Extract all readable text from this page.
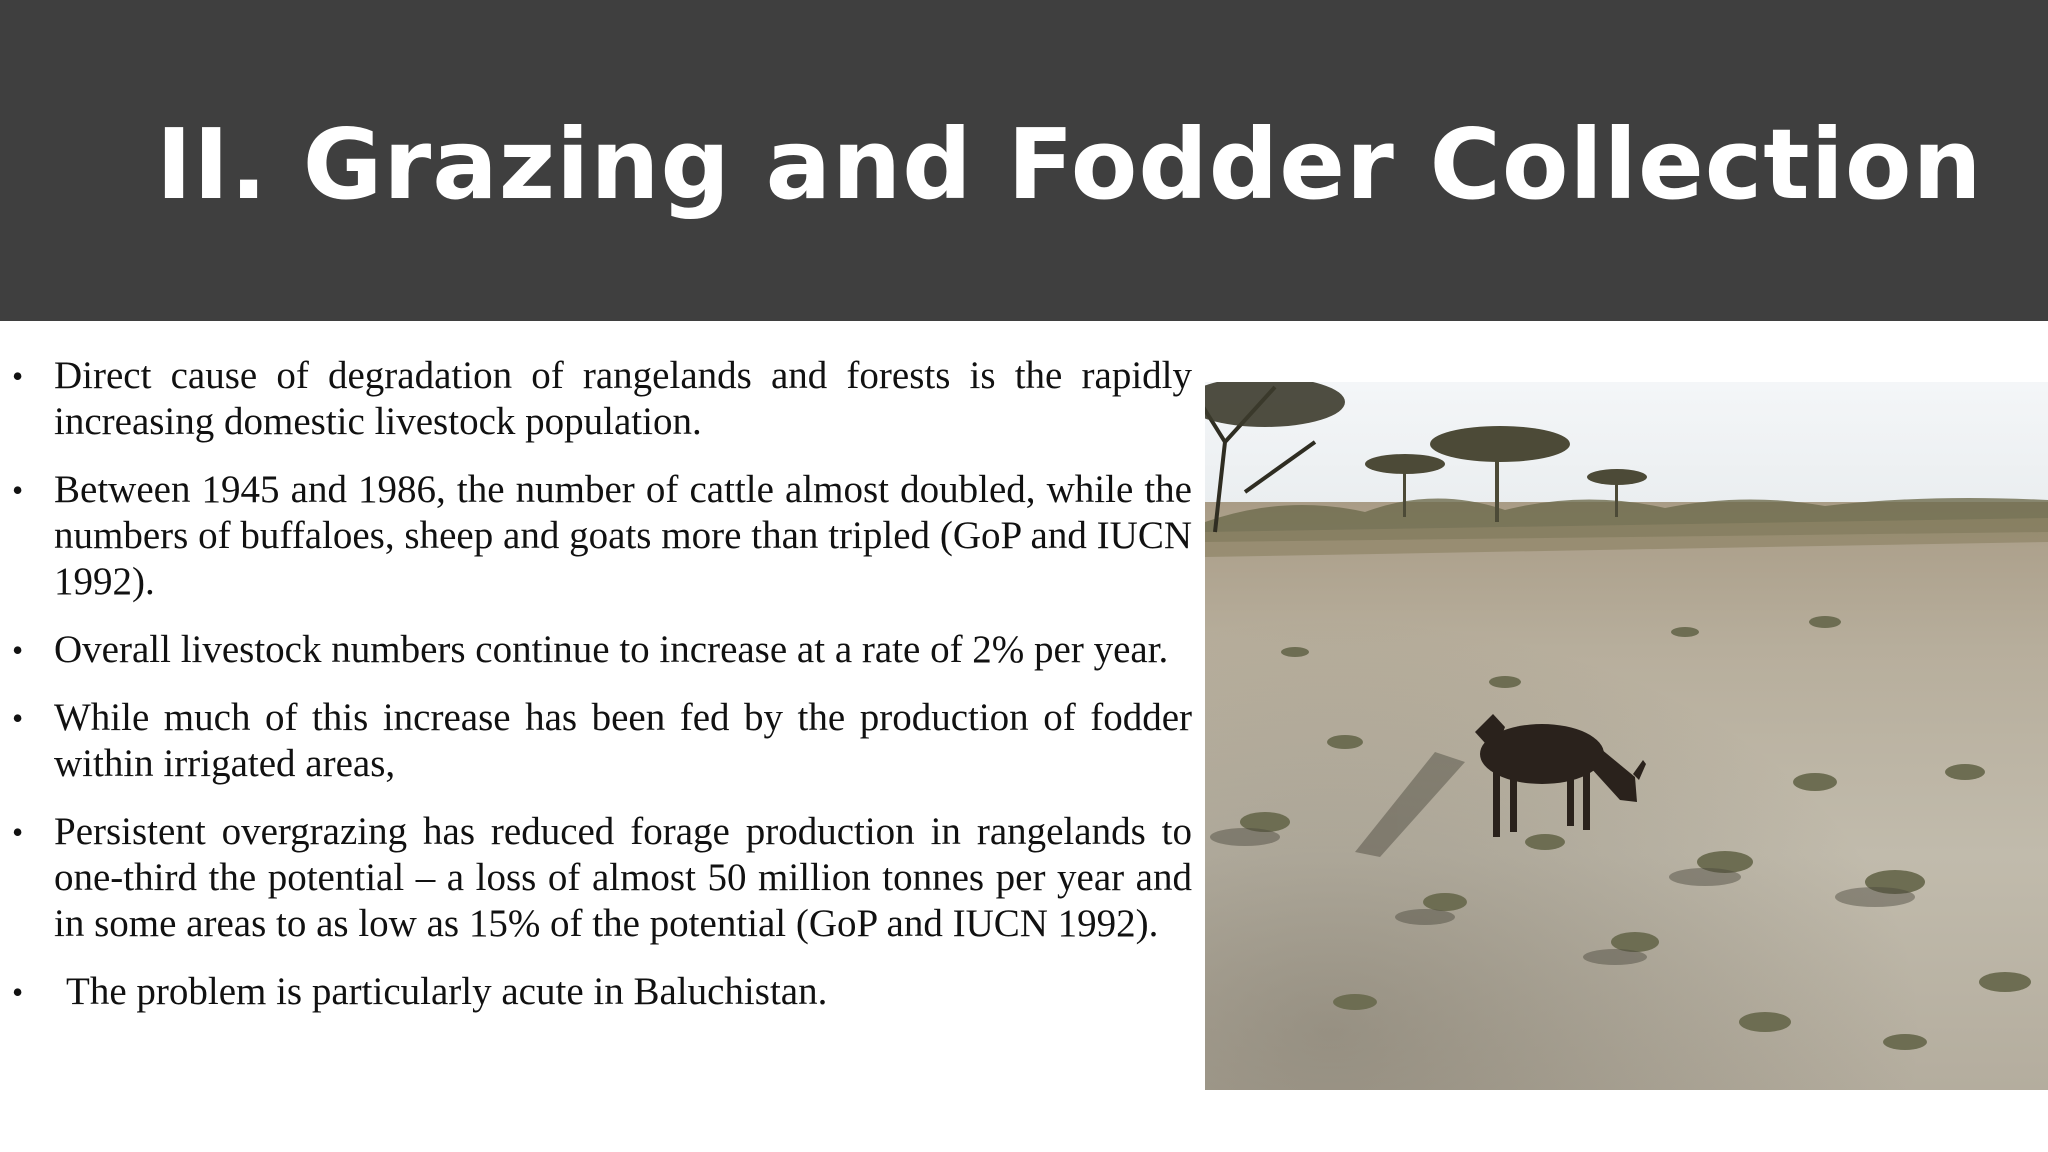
II. Grazing and Fodder Collection
• Direct cause of degradation of rangelands and forests is the rapidly increasing domestic livestock population.
• Between 1945 and 1986, the number of cattle almost doubled, while the numbers of buffaloes, sheep and goats more than tripled (GoP and IUCN 1992).
• Overall livestock numbers continue to increase at a rate of 2% per year.
• While much of this increase has been fed by the production of fodder within irrigated areas,
• Persistent overgrazing has reduced forage production in rangelands to one-third the potential – a loss of almost 50 million tonnes per year and in some areas to as low as 15% of the potential (GoP and IUCN 1992).
•	The problem is particularly acute in Baluchistan.
